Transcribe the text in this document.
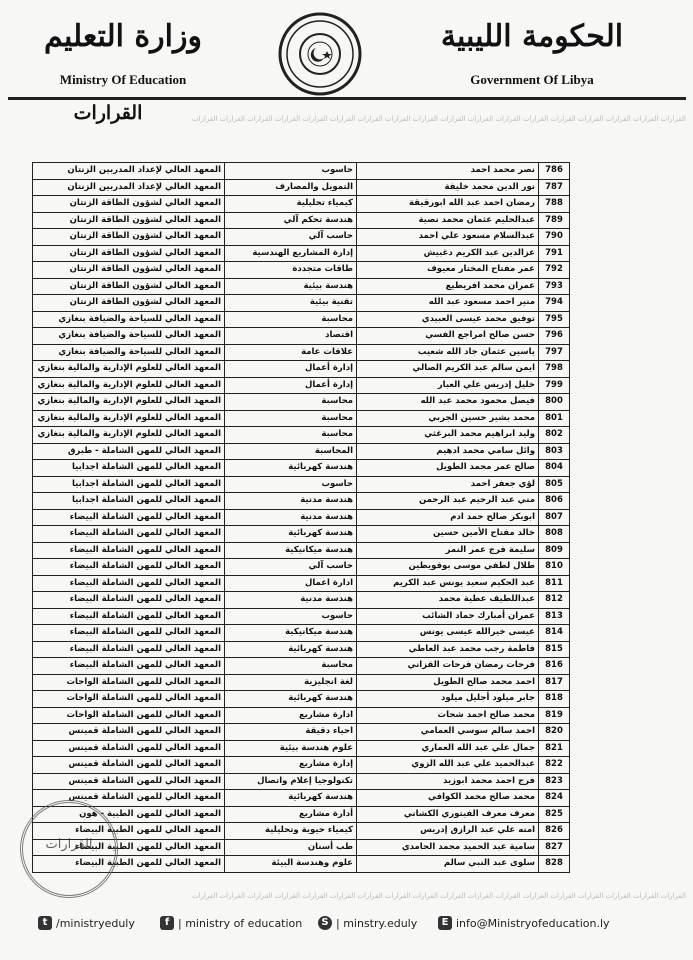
وزارة التعليم
Ministry Of Education
الحكومة الليبية
Government Of Libya
القرارات القرارات القرارات القرارات القرارات القرارات القرارات القرارات القرارات القرارات القرارات القرارات القرارات القرارات القرارات القرارات القرارات القرارات
القرارات
المعهد العالي لإعداد المدربين الزنتان	حاسوب	نصر محمد احمد	786
المعهد العالي لإعداد المدربين الزنتان	التمويل والمصارف	نور الدين محمد خليفة	787
المعهد العالي لشؤون الطاقة الزنتان	كيمياء تحليلية	رمضان احمد عبد الله ابورقيقة	788
المعهد العالي لشؤون الطاقة الزنتان	هندسة تحكم آلي	عبدالحليم عثمان محمد نصية	789
المعهد العالي لشؤون الطاقة الزنتان	حاسب آلي	عبدالسلام مسعود علي احمد	790
المعهد العالي لشؤون الطاقة الزنتان	إدارة المشاريع الهندسية	عزالدين عبد الكريم دغبيش	791
المعهد العالي لشؤون الطاقة الزنتان	طاقات متجددة	عمر مفتاح المختار معيوف	792
المعهد العالي لشؤون الطاقة الزنتان	هندسة بيئية	عمران محمد افريطيع	793
المعهد العالي لشؤون الطاقة الزنتان	تقنية بيئية	منير احمد مسعود عبد الله	794
المعهد العالي للسياحة والضيافة بنغازي	محاسبة	توفيق محمد عيسى العبيدي	795
المعهد العالي للسياحة والضيافة بنغازي	اقتصاد	حسن صالح امراجع الفسي	796
المعهد العالي للسياحة والضيافة بنغازي	علاقات عامة	ياسين عثمان جاد الله شعيب	797
المعهد العالي للعلوم الإدارية والمالية بنغازي	إدارة أعمال	ايمن سالم عبد الكريم الصالي	798
المعهد العالي للعلوم الإدارية والمالية بنغازي	إدارة أعمال	خليل إدريس علي العبار	799
المعهد العالي للعلوم الإدارية والمالية بنغازي	محاسبة	فيصل محمود محمد عبد الله	800
المعهد العالي للعلوم الإدارية والمالية بنغازي	محاسبة	محمد بشير حسين الجربي	801
المعهد العالي للعلوم الإدارية والمالية بنغازي	محاسبة	وليد ابراهيم محمد البرغثي	802
المعهد العالي للمهن الشاملة - طبرق	المحاسبة	وائل سامي محمد ادهيم	803
المعهد العالي للمهن الشاملة اجدابيا	هندسة كهربائية	صالح عمر محمد الطويل	804
المعهد العالي للمهن الشاملة اجدابيا	حاسوب	لؤي جعفر احمد	805
المعهد العالي للمهن الشاملة اجدابيا	هندسة مدنية	مني عبد الرحيم عبد الرحمن	806
المعهد العالي للمهن الشاملة البيضاء	هندسة مدنية	ابوبكر صالح حمد ادم	807
المعهد العالي للمهن الشاملة البيضاء	هندسة كهربائية	خالد مفتاح الأمين حسين	808
المعهد العالي للمهن الشاملة البيضاء	هندسة ميكانيكية	سليمة فرج عمر النمر	809
المعهد العالي للمهن الشاملة البيضاء	حاسب آلي	طلال لطفي موسى بوقويطين	810
المعهد العالي للمهن الشاملة البيضاء	ادارة اعمال	عبد الحكيم سعيد يونس عبد الكريم	811
المعهد العالي للمهن الشاملة البيضاء	هندسة مدنية	عبداللطيف عطية محمد	812
المعهد العالي للمهن الشاملة البيضاء	حاسوب	عمران أمبارك حماد الشائب	813
المعهد العالي للمهن الشاملة البيضاء	هندسة ميكانيكية	عيسى خيرالله عيسى يونس	814
المعهد العالي للمهن الشاملة البيضاء	هندسة كهربائية	فاطمة رجب محمد عبد العاطي	815
المعهد العالي للمهن الشاملة البيضاء	محاسبة	فرحات رمضان فرحات القزاني	816
المعهد العالي للمهن الشاملة الواحات	لغة انجليزية	احمد محمد صالح الطويل	817
المعهد العالي للمهن الشاملة الواحات	هندسة كهربائية	جابر ميلود أجليل ميلود	818
المعهد العالي للمهن الشاملة الواحات	ادارة مشاريع	محمد صالح احمد شحات	819
المعهد العالي للمهن الشاملة قمينس	احياء دقيقة	احمد سالم سوسي العمامي	820
المعهد العالي للمهن الشاملة قمينس	علوم هندسة بيئية	جمال علي عبد الله العماري	821
المعهد العالي للمهن الشاملة قمينس	إدارة مشاريع	عبدالحميد علي عبد الله الزوي	822
المعهد العالي للمهن الشاملة قمينس	تكنولوجيا إعلام واتصال	فرج احمد محمد ابوزيد	823
المعهد العالي للمهن الشاملة قمينس	هندسة كهربائية	محمد صالح محمد الكوافي	824
المعهد العالي للمهن الطبية - هون	أدارة مشاريع	معرف معرف الفيتوري الكشاني	825
المعهد العالي للمهن الطبية البيضاء	كيمياء حيوية وتحليلية	امنه علي عبد الرازق إدريس	826
المعهد العالي للمهن الطبية البيضاء	طب أسنان	سامية عبد الحميد محمد الحامدي	827
المعهد العالي للمهن الطبية البيضاء	علوم وهندسة البيئة	سلوى عبد النبي سالم	828
القرارات
القرارات القرارات القرارات القرارات القرارات القرارات القرارات القرارات القرارات القرارات القرارات القرارات القرارات القرارات القرارات القرارات القرارات القرارات
t /ministryeduly	f | ministry of education	S | minstry.eduly	E info@Ministryofeducation.ly
